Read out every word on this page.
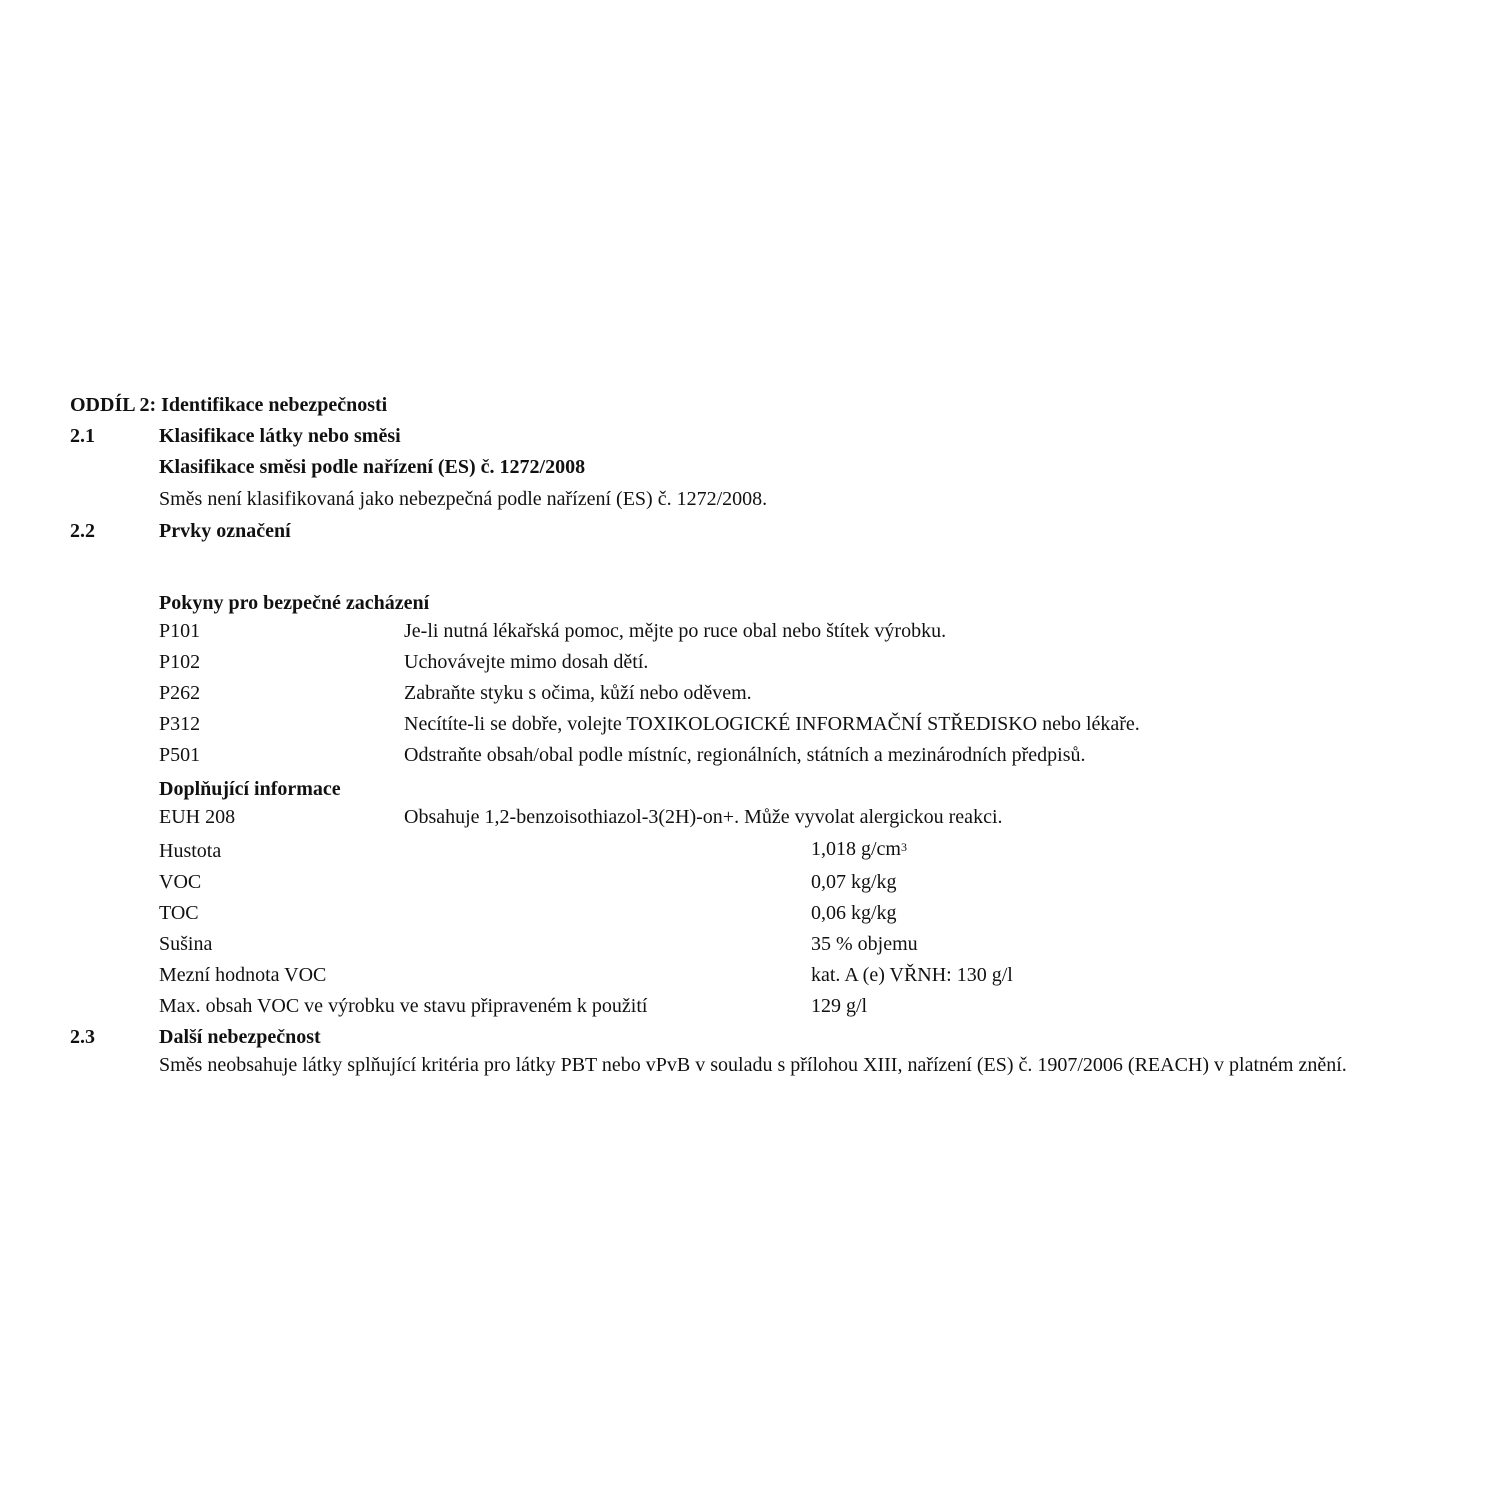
ODDÍL 2: Identifikace nebezpečnosti
2.1	Klasifikace látky nebo směsi
Klasifikace směsi podle nařízení (ES) č. 1272/2008
Směs není klasifikovaná jako nebezpečná podle nařízení (ES) č. 1272/2008.
2.2	Prvky označení
Pokyny pro bezpečné zacházení
P101	Je-li nutná lékařská pomoc, mějte po ruce obal nebo štítek výrobku.
P102	Uchovávejte mimo dosah dětí.
P262	Zabraňte styku s očima, kůží nebo oděvem.
P312	Necítíte-li se dobře, volejte TOXIKOLOGICKÉ INFORMAČNÍ STŘEDISKO nebo lékaře.
P501	Odstraňte obsah/obal podle místníc, regionálních, státních a mezinárodních předpisů.
Doplňující informace
EUH 208	Obsahuje 1,2-benzoisothiazol-3(2H)-on+. Může vyvolat alergickou reakci.
Hustota	1,018 $g/cm^3$
VOC	0,07 kg/kg
TOC	0,06 kg/kg
Sušina	35 % objemu
Mezní hodnota VOC	kat. A (e) VŘNH: 130 g/l
Max. obsah VOC ve výrobku ve stavu připraveném k použití	129 g/l
2.3	Další nebezpečnost
Směs neobsahuje látky splňující kritéria pro látky PBT nebo vPvB v souladu s přílohou XIII, nařízení (ES) č. 1907/2006 (REACH) v platném znění.
